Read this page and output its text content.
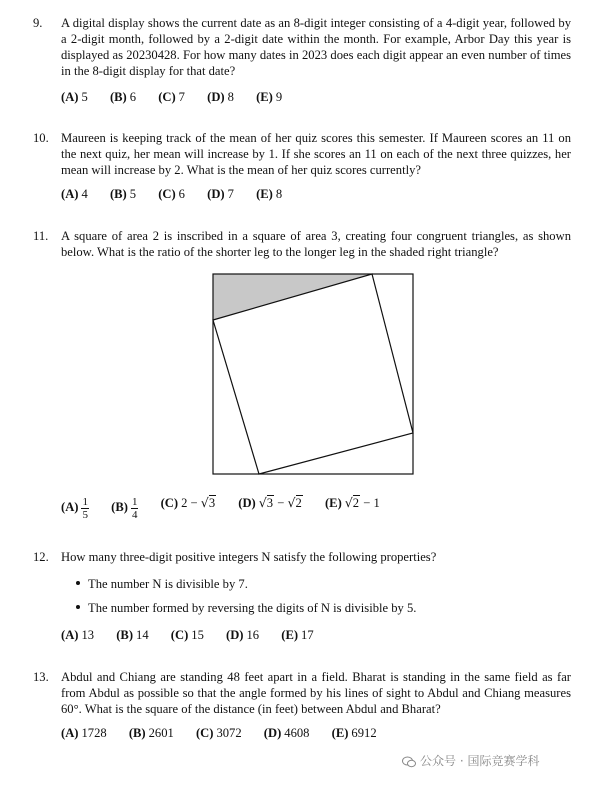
9. A digital display shows the current date as an 8-digit integer consisting of a 4-digit year, followed by a 2-digit month, followed by a 2-digit date within the month. For example, Arbor Day this year is displayed as 20230428. For how many dates in 2023 does each digit appear an even number of times in the 8-digit display for that date?
(A) 5 (B) 6 (C) 7 (D) 8 (E) 9
10. Maureen is keeping track of the mean of her quiz scores this semester. If Maureen scores an 11 on the next quiz, her mean will increase by 1. If she scores an 11 on each of the next three quizzes, her mean will increase by 2. What is the mean of her quiz scores currently?
(A) 4 (B) 5 (C) 6 (D) 7 (E) 8
11. A square of area 2 is inscribed in a square of area 3, creating four congruent triangles, as shown below. What is the ratio of the shorter leg to the longer leg in the shaded right triangle?
$(A) \frac{1}{5} (B) \frac{1}{4} (C) 2 - √3$ (D) √3 − √2 (E) √2 − 1
12. How many three-digit positive integers N satisfy the following properties?
The number N is divisible by 7.
The number formed by reversing the digits of N is divisible by 5.
(A) 13 (B) 14 (C) 15 (D) 16 (E) 17
13. Abdul and Chiang are standing 48 feet apart in a field. Bharat is standing in the same field as far from Abdul as possible so that the angle formed by his lines of sight to Abdul and Chiang measures 60°. What is the square of the distance (in feet) between Abdul and Bharat?
(A) 1728 (B) 2601 (C) 3072 (D) 4608 (E) 6912
公众号 · 国际竞赛学科
